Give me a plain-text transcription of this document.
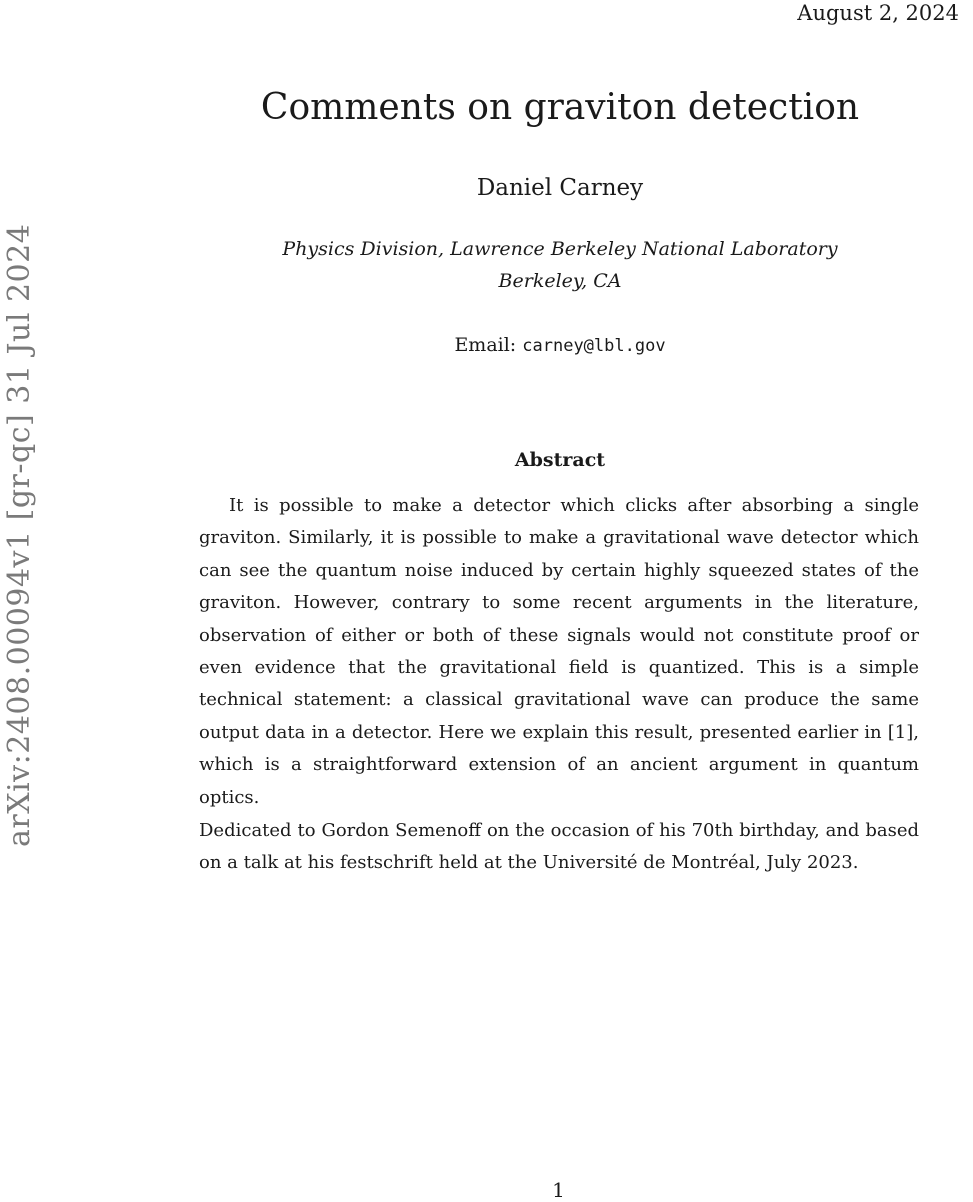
August 2, 2024
arXiv:2408.00094v1 [gr-qc] 31 Jul 2024
Comments on graviton detection
Daniel Carney
Physics Division, Lawrence Berkeley National Laboratory
Berkeley, CA
Email: carney@lbl.gov
Abstract

It is possible to make a detector which clicks after absorbing a single graviton. Similarly, it is possible to make a gravitational wave detector which can see the quantum noise induced by certain highly squeezed states of the graviton. However, contrary to some recent arguments in the literature, observation of either or both of these signals would not constitute proof or even evidence that the gravitational field is quantized. This is a simple technical statement: a classical gravitational wave can produce the same output data in a detector. Here we explain this result, presented earlier in [1], which is a straightforward extension of an ancient argument in quantum optics.

Dedicated to Gordon Semenoff on the occasion of his 70th birthday, and based on a talk at his festschrift held at the Université de Montréal, July 2023.

1
